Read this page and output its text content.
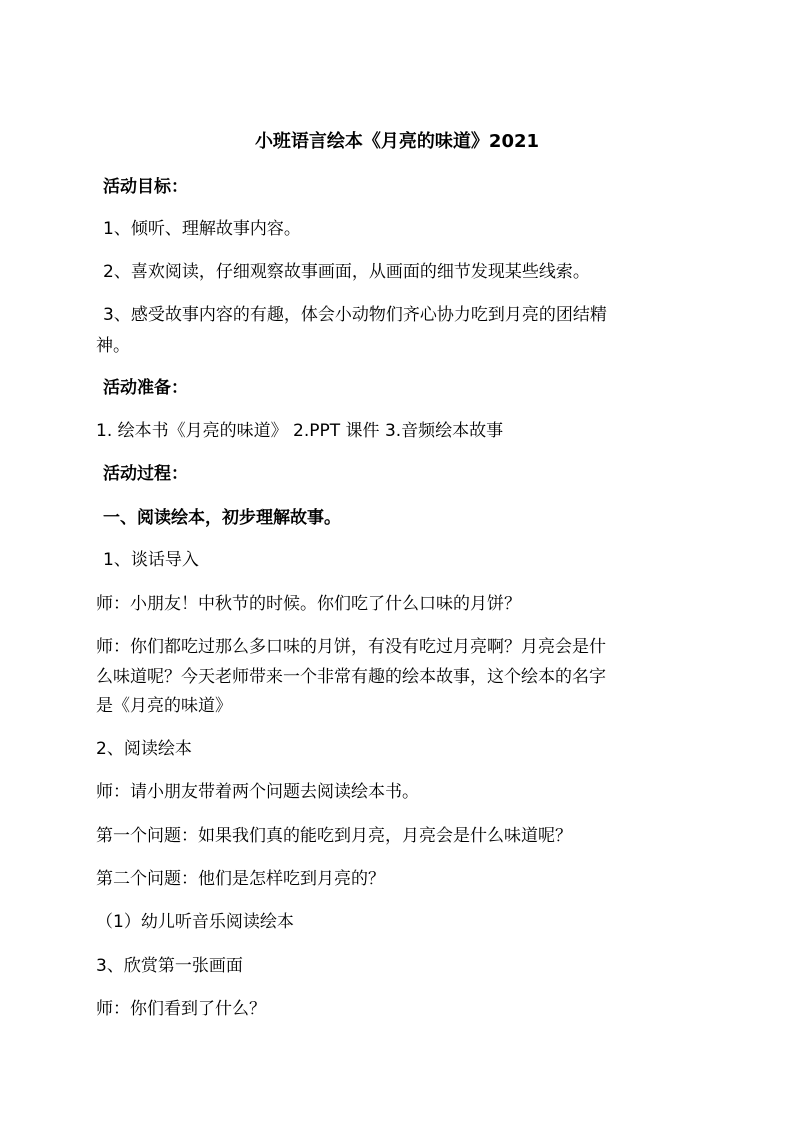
小班语言绘本《月亮的味道》2021
活动目标：
1、倾听、理解故事内容。
2、喜欢阅读，仔细观察故事画面，从画面的细节发现某些线索。
3、感受故事内容的有趣，体会小动物们齐心协力吃到月亮的团结精
神。
活动准备：
1. 绘本书《月亮的味道》 2.PPT 课件 3.音频绘本故事
活动过程：
一、阅读绘本，初步理解故事。
1、谈话导入
师：小朋友！中秋节的时候。你们吃了什么口味的月饼？
师：你们都吃过那么多口味的月饼，有没有吃过月亮啊？月亮会是什
么味道呢？今天老师带来一个非常有趣的绘本故事，这个绘本的名字
是《月亮的味道》
2、阅读绘本
师：请小朋友带着两个问题去阅读绘本书。
第一个问题：如果我们真的能吃到月亮，月亮会是什么味道呢？
第二个问题：他们是怎样吃到月亮的？
（1）幼儿听音乐阅读绘本
3、欣赏第一张画面
师：你们看到了什么？
